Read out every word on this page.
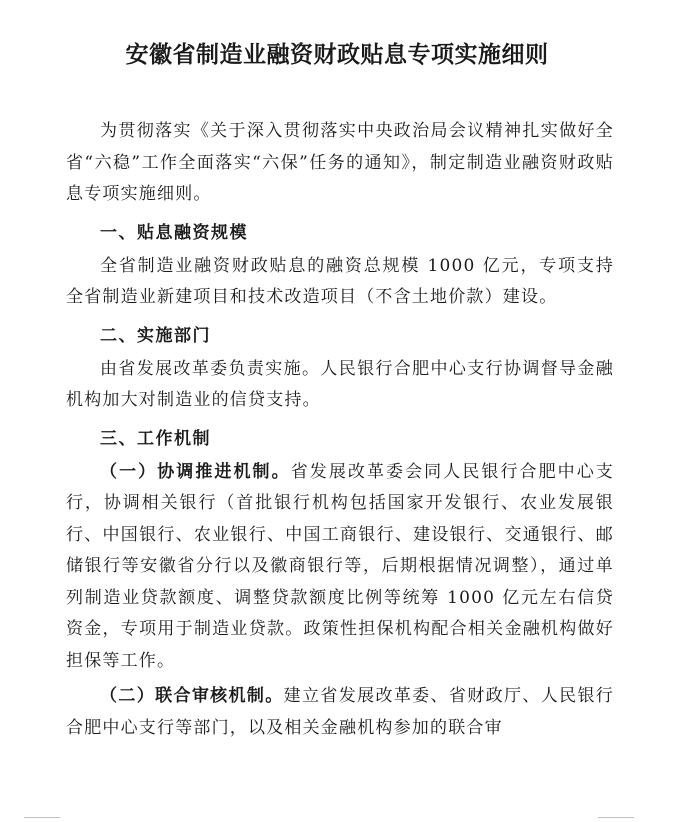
安徽省制造业融资财政贴息专项实施细则

为贯彻落实《关于深入贯彻落实中央政治局会议精神扎实做好全省“六稳”工作全面落实“六保”任务的通知》，制定制造业融资财政贴息专项实施细则。

一、贴息融资规模

全省制造业融资财政贴息的融资总规模 1000 亿元，专项支持全省制造业新建项目和技术改造项目（不含土地价款）建设。

二、实施部门

由省发展改革委负责实施。人民银行合肥中心支行协调督导金融机构加大对制造业的信贷支持。

三、工作机制

（一）协调推进机制。省发展改革委会同人民银行合肥中心支行，协调相关银行（首批银行机构包括国家开发银行、农业发展银行、中国银行、农业银行、中国工商银行、建设银行、交通银行、邮储银行等安徽省分行以及徽商银行等，后期根据情况调整），通过单列制造业贷款额度、调整贷款额度比例等统筹 1000 亿元左右信贷资金，专项用于制造业贷款。政策性担保机构配合相关金融机构做好担保等工作。

（二）联合审核机制。建立省发展改革委、省财政厅、人民银行合肥中心支行等部门，以及相关金融机构参加的联合审
